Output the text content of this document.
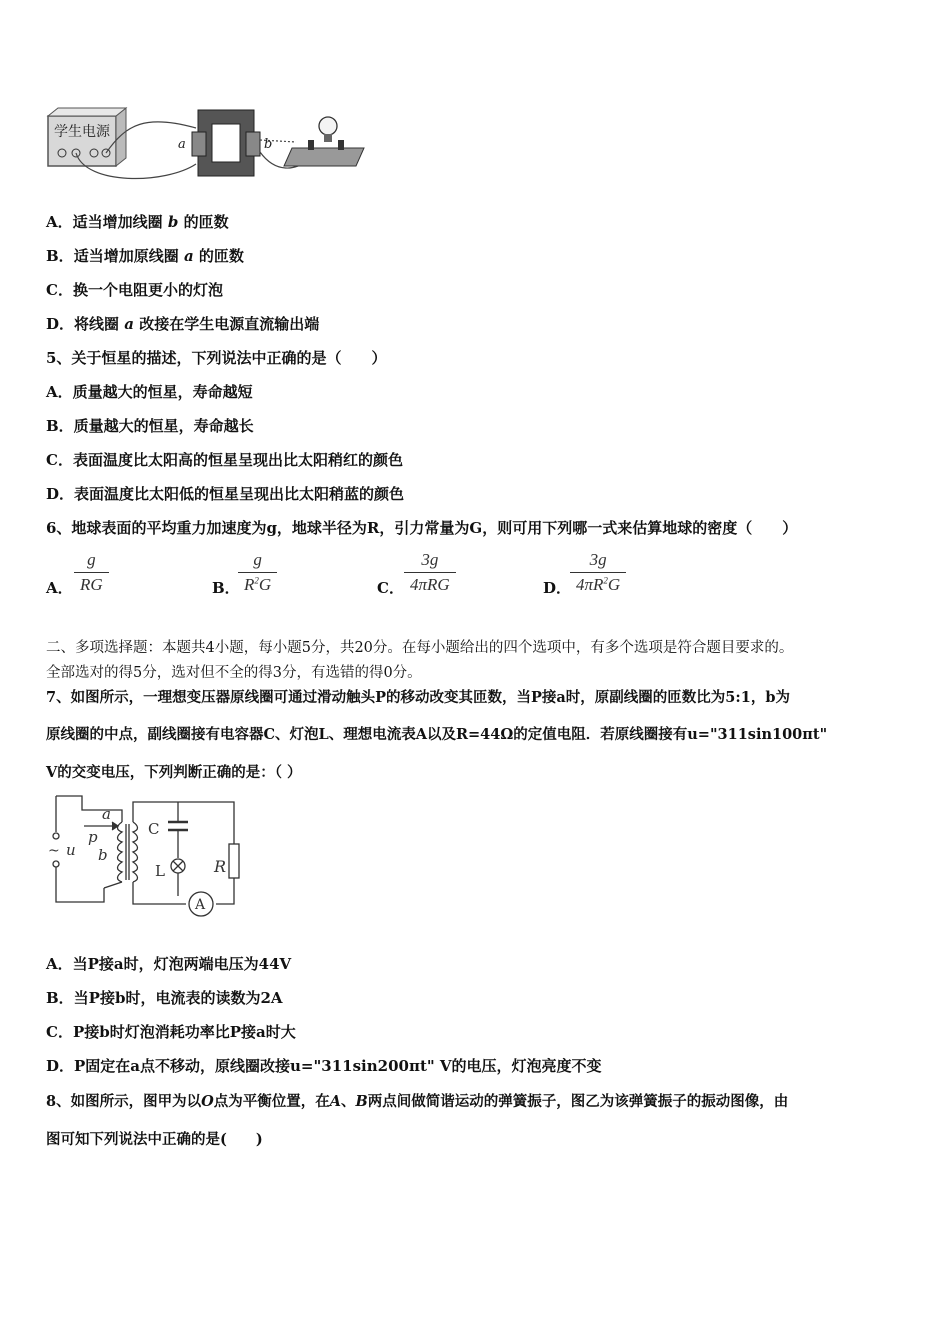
学生电源
a	b
A．适当增加线圈 b 的匝数
B．适当增加原线圈 a 的匝数
C．换一个电阻更小的灯泡
D．将线圈 a 改接在学生电源直流输出端
5、关于恒星的描述，下列说法中正确的是（　　）
A．质量越大的恒星，寿命越短
B．质量越大的恒星，寿命越长
C．表面温度比太阳高的恒星呈现出比太阳稍红的颜色
D．表面温度比太阳低的恒星呈现出比太阳稍蓝的颜色
6、地球表面的平均重力加速度为g，地球半径为R，引力常量为G，则可用下列哪一式来估算地球的密度（　　）
A．
g
RG	B．
g
$R^2G$	C．
3g
4πRG	D．
3g
$4\pi R^2G$
二、多项选择题：本题共4小题，每小题5分，共20分。在每小题给出的四个选项中，有多个选项是符合题目要求的。
全部选对的得5分，选对但不全的得3分，有选错的得0分。
7、如图所示，一理想变压器原线圈可通过滑动触头P的移动改变其匝数，当P接a时，原副线圈的匝数比为5:1，b为
原线圈的中点，副线圈接有电容器C、灯泡L、理想电流表A以及R=44Ω的定值电阻．若原线圈接有u="311sin100πt"
V的交变电压，下列判断正确的是：（ ）
a
p
b
~ u
C
L	R
A
A．当P接a时，灯泡两端电压为44V
B．当P接b时，电流表的读数为2A
C．P接b时灯泡消耗功率比P接a时大
D．P固定在a点不移动，原线圈改接u="311sin200πt" V的电压，灯泡亮度不变
8、如图所示，图甲为以O点为平衡位置，在A、B两点间做简谐运动的弹簧振子，图乙为该弹簧振子的振动图像，由
图可知下列说法中正确的是(　　)
